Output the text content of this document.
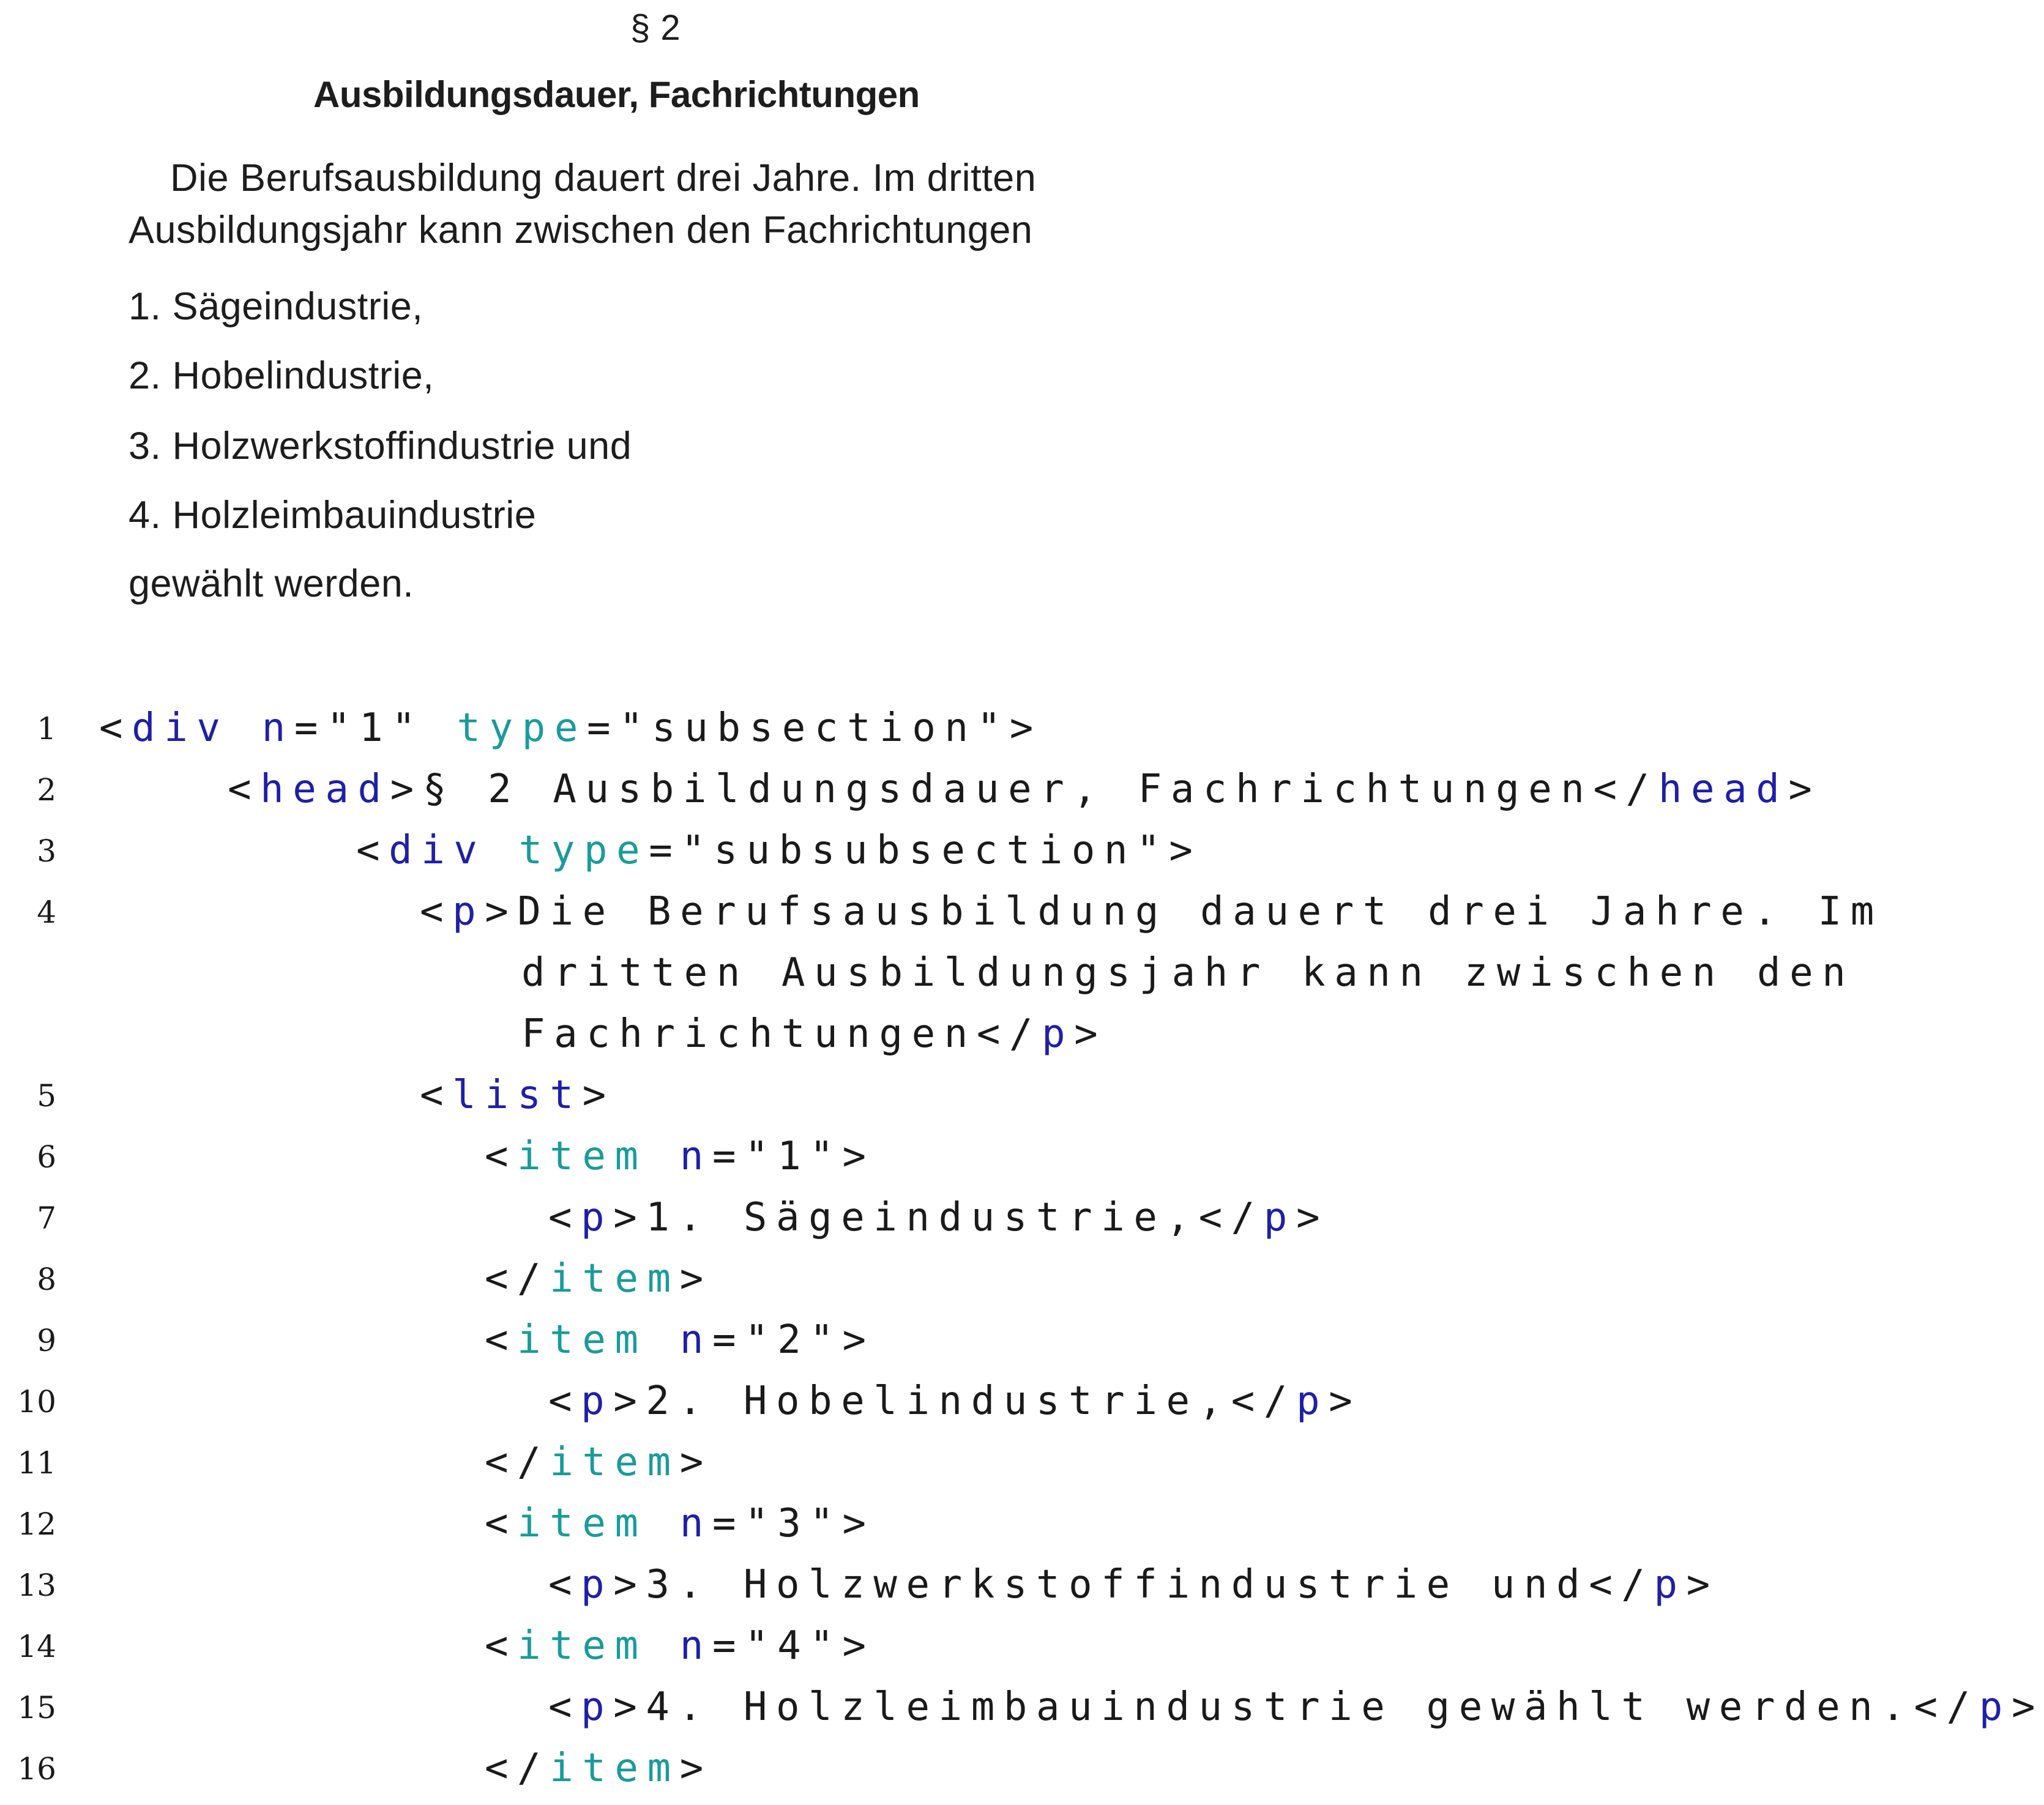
§ 2

Ausbildungsdauer, Fachrichtungen

Die Berufsausbildung dauert drei Jahre. Im dritten

Ausbildungsjahr kann zwischen den Fachrichtungen

1. Sägeindustrie,

2. Hobelindustrie,

3. Holzwerkstoffindustrie und

4. Holzleimbauindustrie

gewählt werden.

1 <div n="1" type="subsection">
2	<head>§ 2 Ausbildungsdauer, Fachrichtungen</head>
3	<div type="subsubsection">
4	<p>Die Berufsausbildung dauert drei Jahre. Im
dritten Ausbildungsjahr kann zwischen den
Fachrichtungen</p>
5	<list>
6	<item n="1">
7	<p>1. Sägeindustrie,</p>
8	</item>
9	<item n="2">
10	<p>2. Hobelindustrie,</p>
11	</item>
12	<item n="3">
13	<p>3. Holzwerkstoffindustrie und</p>
14	<item n="4">
15	<p>4. Holzleimbauindustrie gewählt werden.</p>
16	</item>
